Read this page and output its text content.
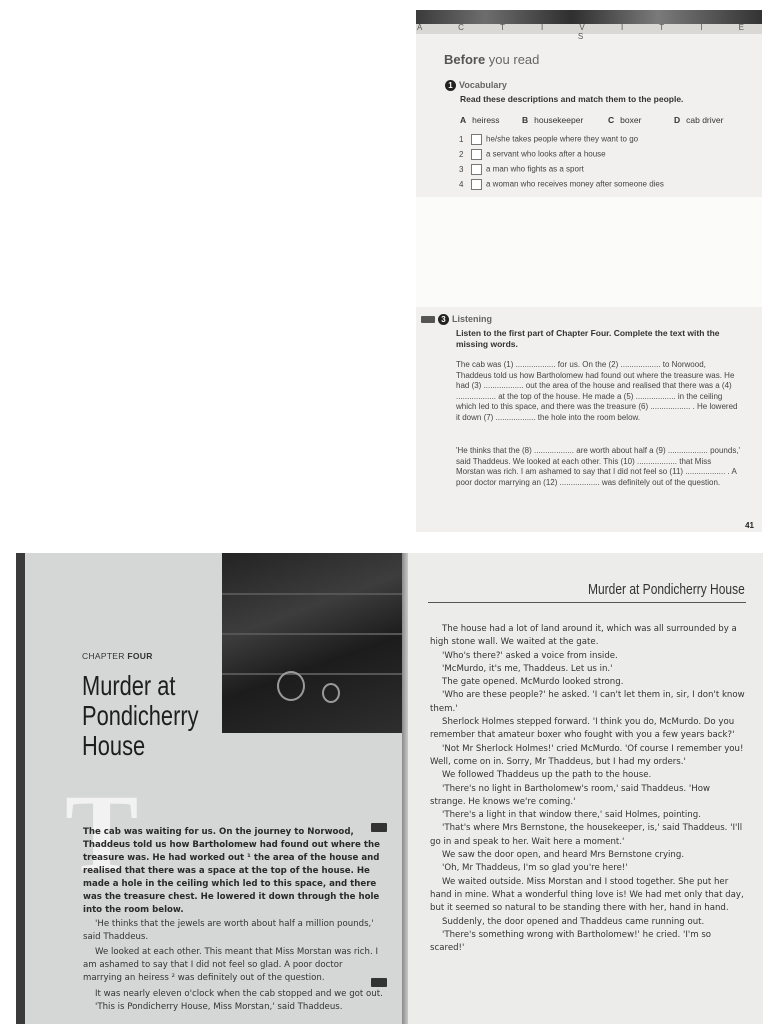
A C T I V I T I E S
Before you read
1 Vocabulary
Read these descriptions and match them to the people.
A heiress	B housekeeper	C boxer	D cab driver
1	he/she takes people where they want to go
2	a servant who looks after a house
3	a man who fights as a sport
4	a woman who receives money after someone dies
3 Listening
Listen to the first part of Chapter Four. Complete the text with the missing words.
The cab was (1) .................. for us. On the (2) .................. to Norwood, Thaddeus told us how Bartholomew had found out where the treasure was. He had (3) .................. out the area of the house and realised that there was a (4) .................. at the top of the house. He made a (5) .................. in the ceiling which led to this space, and there was the treasure (6) .................. . He lowered it down (7) .................. the hole into the room below.
'He thinks that the (8) .................. are worth about half a (9) .................. pounds,' said Thaddeus. We looked at each other. This (10) .................. that Miss Morstan was rich. I am ashamed to say that I did not feel so (11) .................. . A poor doctor marrying an (12) .................. was definitely out of the question.
41
CHAPTER FOUR
Murder at Pondicherry House
T
The cab was waiting for us. On the journey to Norwood, Thaddeus told us how Bartholomew had found out where the treasure was. He had worked out ¹ the area of the house and realised that there was a space at the top of the house. He made a hole in the ceiling which led to this space, and there was the treasure chest. He lowered it down through the hole into the room below.
'He thinks that the jewels are worth about half a million pounds,' said Thaddeus.
We looked at each other. This meant that Miss Morstan was rich. I am ashamed to say that I did not feel so glad. A poor doctor marrying an heiress ² was definitely out of the question.
It was nearly eleven o'clock when the cab stopped and we got out.
'This is Pondicherry House, Miss Morstan,' said Thaddeus.
Murder at Pondicherry House

The house had a lot of land around it, which was all surrounded by a high stone wall. We waited at the gate.

'Who's there?' asked a voice from inside.

'McMurdo, it's me, Thaddeus. Let us in.'

The gate opened. McMurdo looked strong.

'Who are these people?' he asked. 'I can't let them in, sir, I don't know them.'

Sherlock Holmes stepped forward. 'I think you do, McMurdo. Do you remember that amateur boxer who fought with you a few years back?'

'Not Mr Sherlock Holmes!' cried McMurdo. 'Of course I remember you! Well, come on in. Sorry, Mr Thaddeus, but I had my orders.'

We followed Thaddeus up the path to the house.

'There's no light in Bartholomew's room,' said Thaddeus. 'How strange. He knows we're coming.'

'There's a light in that window there,' said Holmes, pointing.

'That's where Mrs Bernstone, the housekeeper, is,' said Thaddeus. 'I'll go in and speak to her. Wait here a moment.'

We saw the door open, and heard Mrs Bernstone crying.

'Oh, Mr Thaddeus, I'm so glad you're here!'

We waited outside. Miss Morstan and I stood together. She put her hand in mine. What a wonderful thing love is! We had met only that day, but it seemed so natural to be standing there with her, hand in hand.

Suddenly, the door opened and Thaddeus came running out.

'There's something wrong with Bartholomew!' he cried. 'I'm so scared!'
